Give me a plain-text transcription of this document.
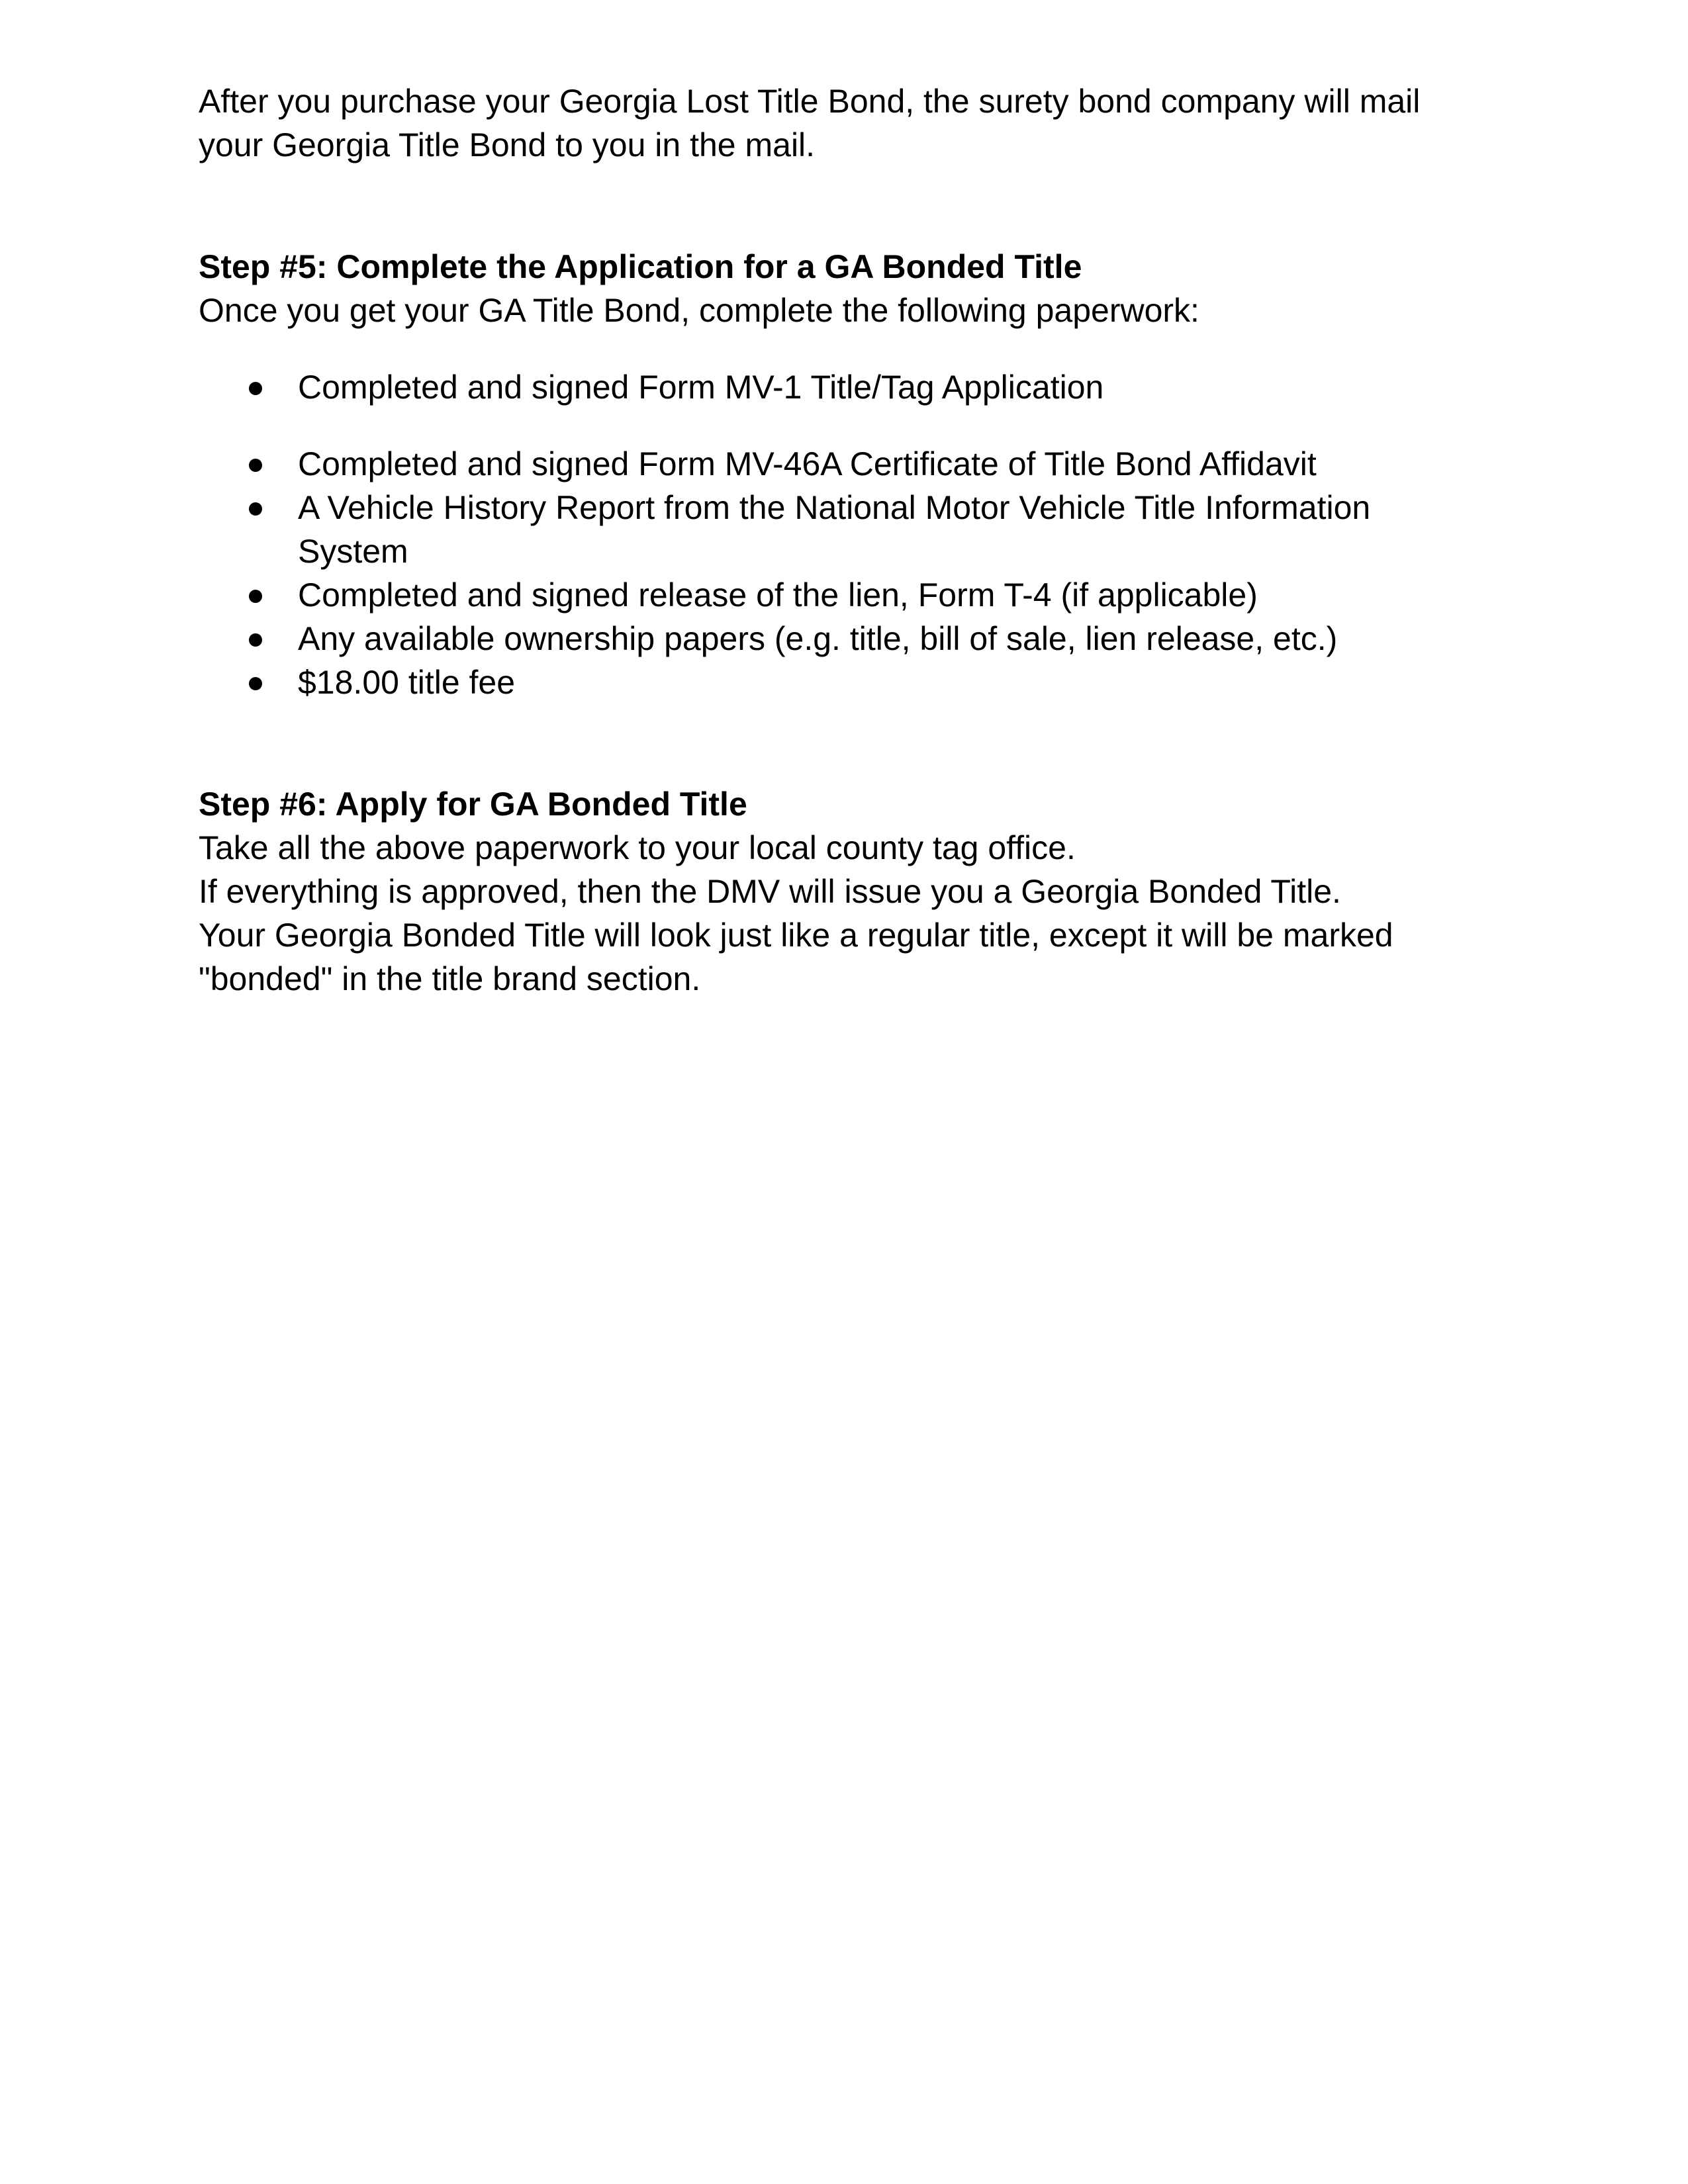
After you purchase your Georgia Lost Title Bond, the surety bond company will mail your Georgia Title Bond to you in the mail.

Step #5: Complete the Application for a GA Bonded Title

Once you get your GA Title Bond, complete the following paperwork:

Completed and signed Form MV-1 Title/Tag Application
Completed and signed Form MV-46A Certificate of Title Bond Affidavit
A Vehicle History Report from the National Motor Vehicle Title Information System
Completed and signed release of the lien, Form T-4 (if applicable)
Any available ownership papers (e.g. title, bill of sale, lien release, etc.)
$18.00 title fee

Step #6: Apply for GA Bonded Title

Take all the above paperwork to your local county tag office.

If everything is approved, then the DMV will issue you a Georgia Bonded Title.

Your Georgia Bonded Title will look just like a regular title, except it will be marked "bonded" in the title brand section.
